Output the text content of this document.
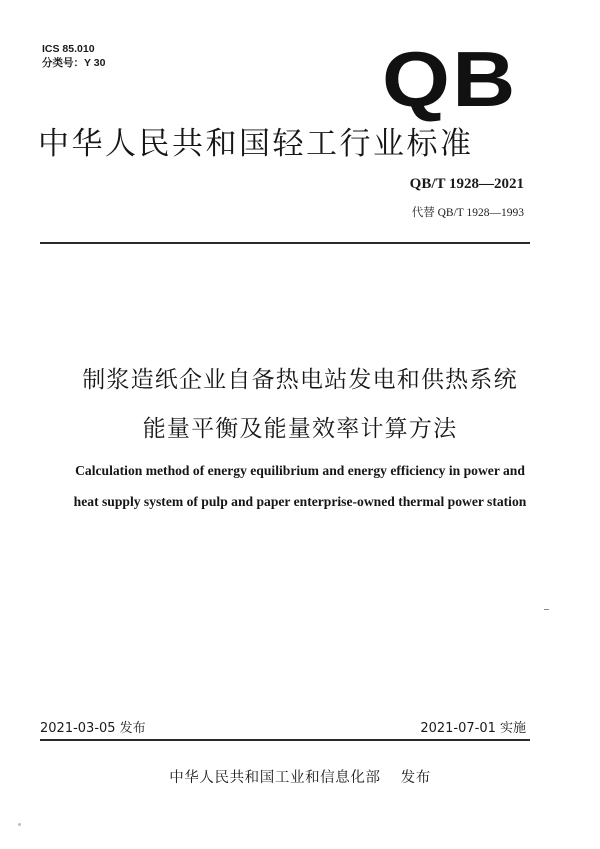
ICS 85.010
分类号：Y 30	QB
中华人民共和国轻工行业标准
QB/T 1928—2021
代替 QB/T 1928—1993
制浆造纸企业自备热电站发电和供热系统
能量平衡及能量效率计算方法
Calculation method of energy equilibrium and energy efficiency in power and
heat supply system of pulp and paper enterprise-owned thermal power station
2021-03-05 发布	2021-07-01 实施
中华人民共和国工业和信息化部 发布
